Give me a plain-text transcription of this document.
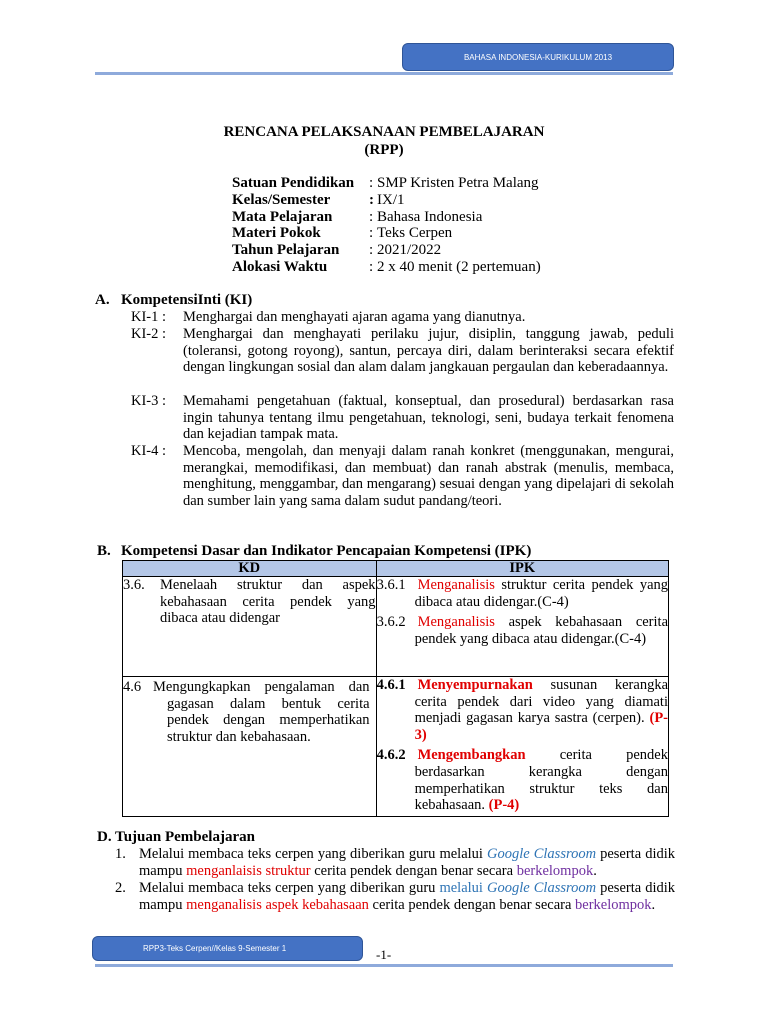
BAHASA INDONESIA-KURIKULUM 2013
RENCANA PELAKSANAAN PEMBELAJARAN
(RPP)
Satuan Pendidikan : SMP Kristen Petra Malang
Kelas/Semester	: IX/1
Mata Pelajaran	: Bahasa Indonesia
Materi Pokok	: Teks Cerpen
Tahun Pelajaran	: 2021/2022
Alokasi Waktu	: 2 x 40 menit (2 pertemuan)
A. KompetensiInti (KI)
KI-1 : Menghargai dan menghayati ajaran agama yang dianutnya.
KI-2 : Menghargai dan menghayati perilaku jujur, disiplin, tanggung jawab, peduli (toleransi, gotong royong), santun, percaya diri, dalam berinteraksi secara efektif dengan lingkungan sosial dan alam dalam jangkauan pergaulan dan keberadaannya.
KI-3 : Memahami pengetahuan (faktual, konseptual, dan prosedural) berdasarkan rasa ingin tahunya tentang ilmu pengetahuan, teknologi, seni, budaya terkait fenomena dan kejadian tampak mata.
KI-4 : Mencoba, mengolah, dan menyaji dalam ranah konkret (menggunakan, mengurai, merangkai, memodifikasi, dan membuat) dan ranah abstrak (menulis, membaca, menghitung, menggambar, dan mengarang) sesuai dengan yang dipelajari di sekolah dan sumber lain yang sama dalam sudut pandang/teori.
B. Kompetensi Dasar dan Indikator Pencapaian Kompetensi (IPK)
KD	IPK

3.6. Menelaah struktur dan aspek kebahasaan cerita pendek yang dibaca atau didengar	3.6.1 Menganalisis struktur cerita pendek yang dibaca atau didengar.(C-4)
3.6.2 Menganalisis aspek kebahasaan cerita pendek yang dibaca atau didengar.(C-4)

4.6 Mengungkapkan pengalaman dan gagasan dalam bentuk cerita pendek dengan memperhatikan struktur dan kebahasaan.	4.6.1 Menyempurnakan susunan kerangka cerita pendek dari video yang diamati menjadi gagasan karya sastra (cerpen). (P-3)
4.6.2 Mengembangkan cerita pendek berdasarkan kerangka dengan memperhatikan struktur teks dan kebahasaan. (P-4)
D. Tujuan Pembelajaran
1. Melalui membaca teks cerpen yang diberikan guru melalui Google Classroom peserta didik mampu menganlaisis struktur cerita pendek dengan benar secara berkelompok.
2. Melalui membaca teks cerpen yang diberikan guru melalui Google Classroom peserta didik mampu menganalisis aspek kebahasaan cerita pendek dengan benar secara berkelompok.
RPP3-Teks Cerpen//Kelas 9-Semester 1	-1-
